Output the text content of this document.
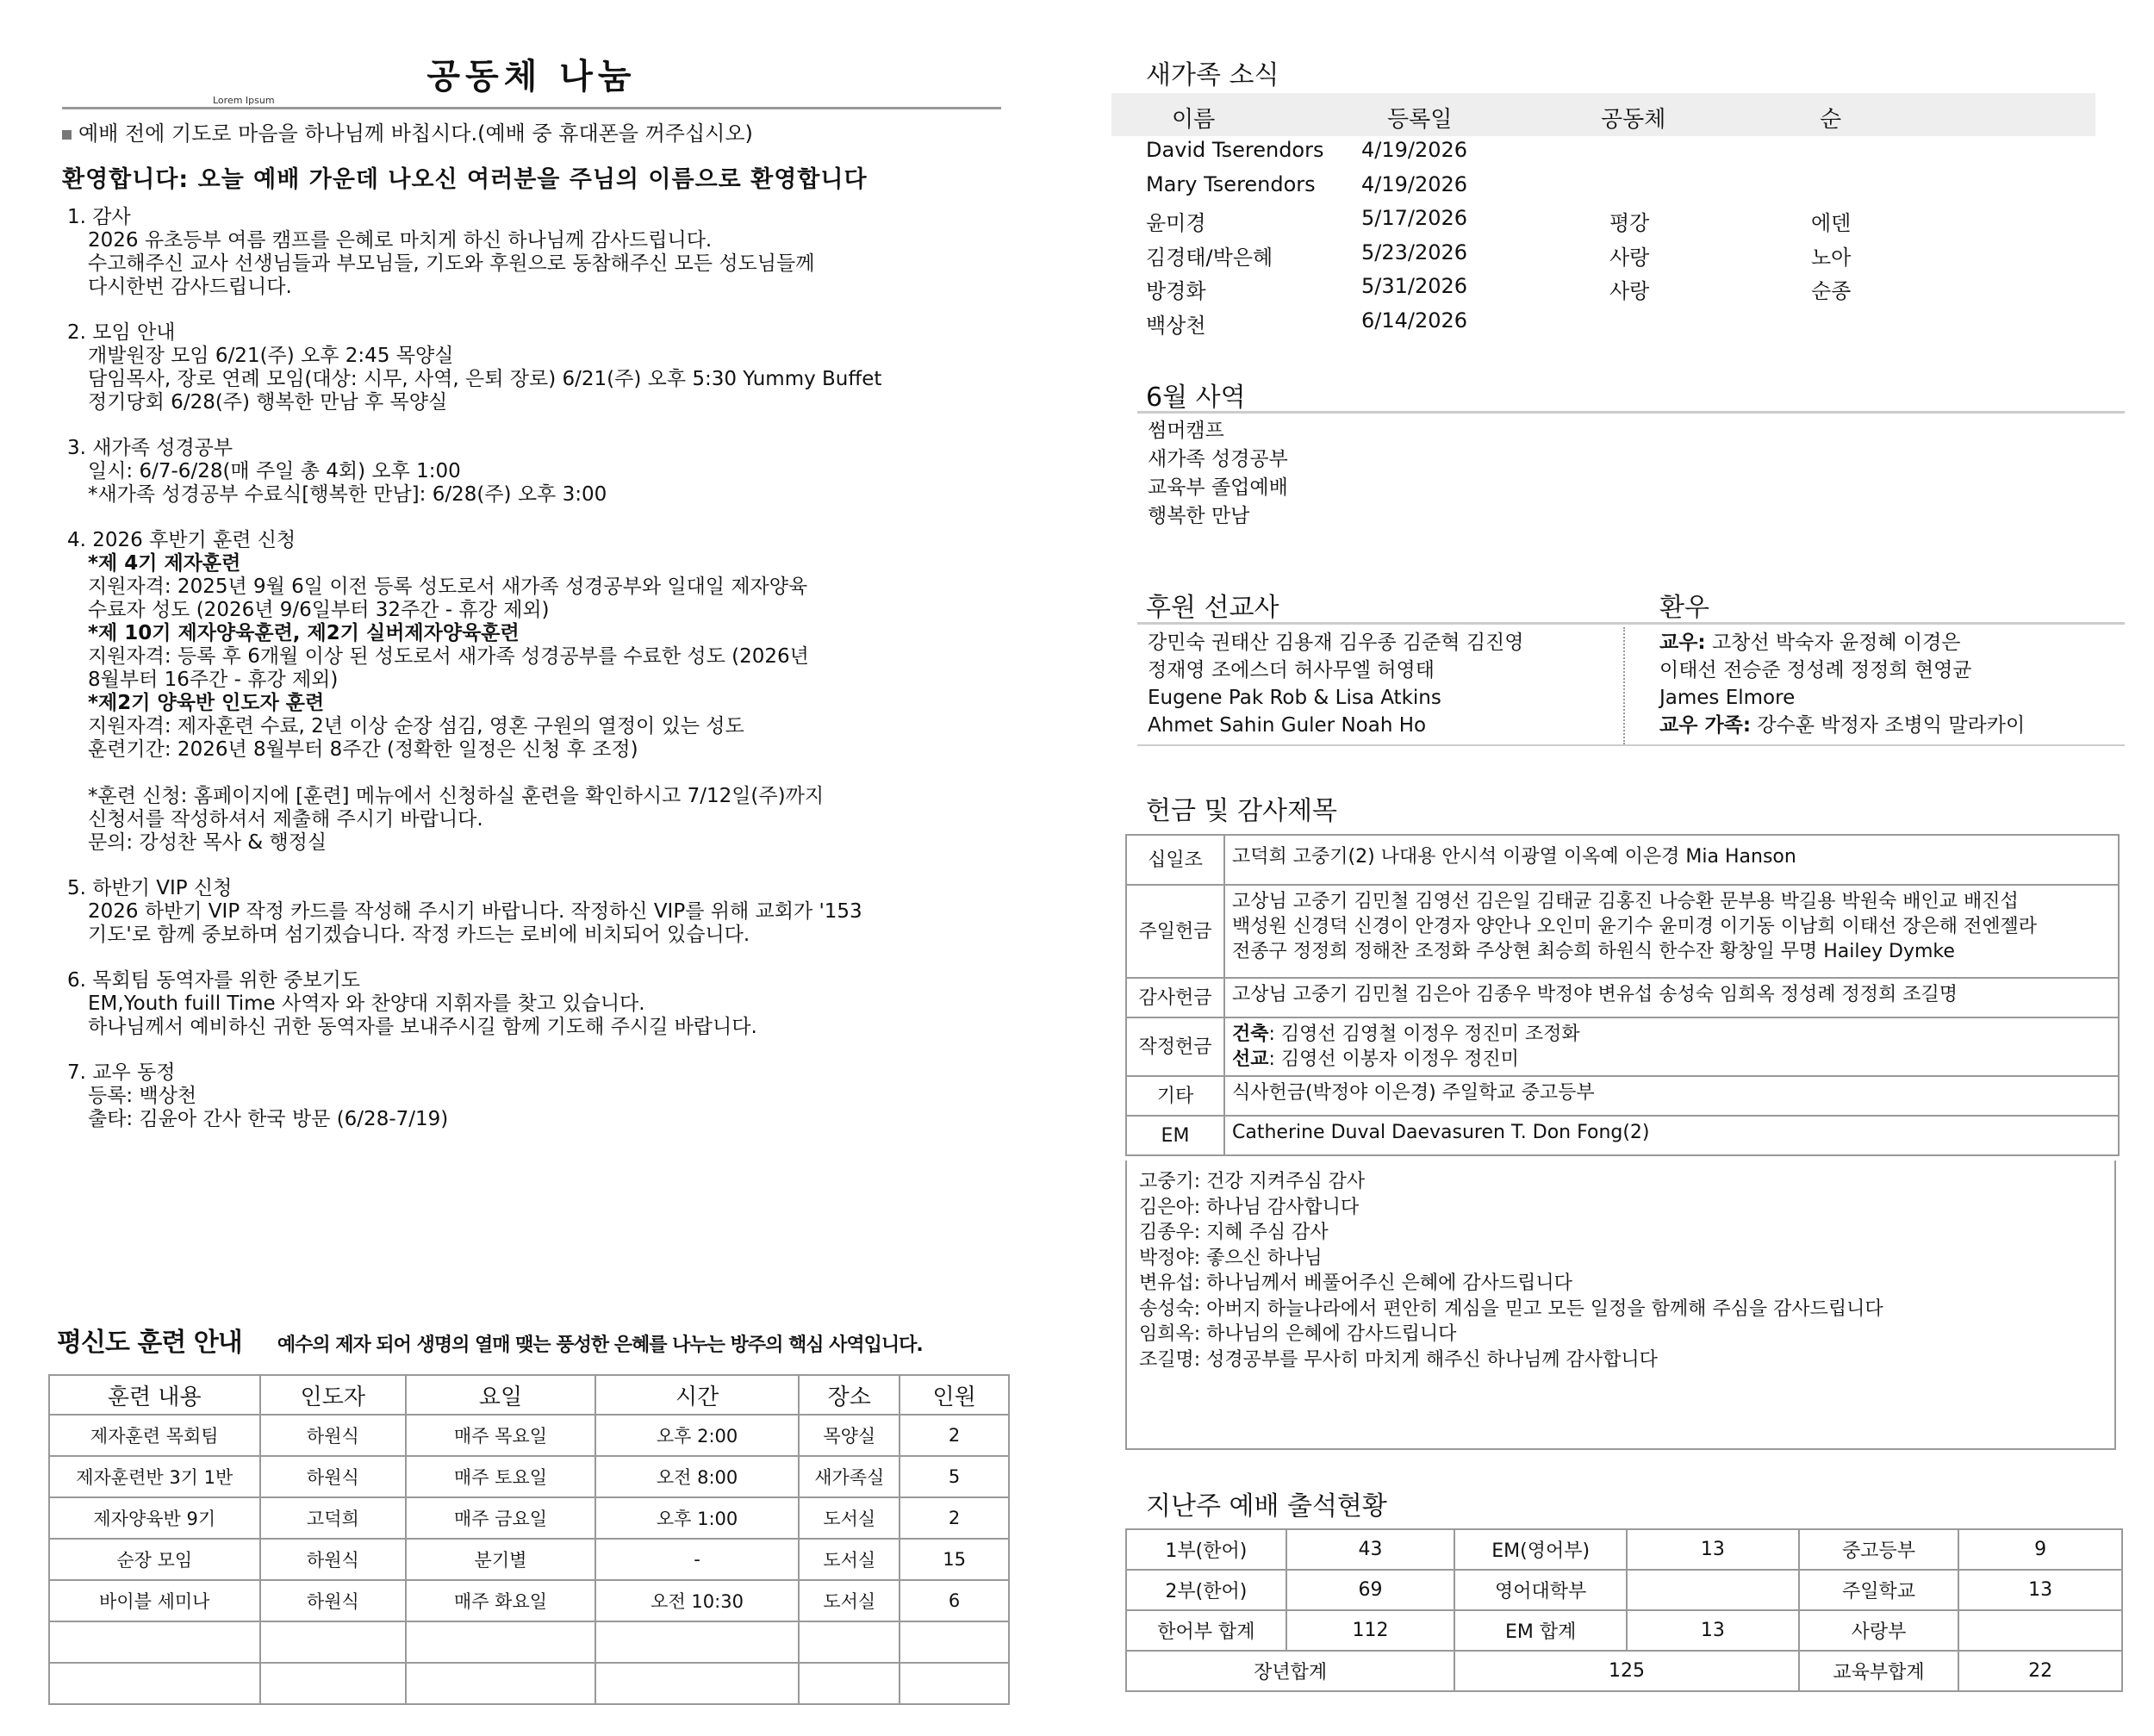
공동체 나눔
Lorem Ipsum
예배 전에 기도로 마음을 하나님께 바칩시다.(예배 중 휴대폰을 꺼주십시오)
환영합니다: 오늘 예배 가운데 나오신 여러분을 주님의 이름으로 환영합니다
1. 감사
2026 유초등부 여름 캠프를 은혜로 마치게 하신 하나님께 감사드립니다.
수고해주신 교사 선생님들과 부모님들, 기도와 후원으로 동참해주신 모든 성도님들께
다시한번 감사드립니다.
2. 모임 안내
개발원장 모임 6/21(주) 오후 2:45 목양실
담임목사, 장로 연례 모임(대상: 시무, 사역, 은퇴 장로) 6/21(주) 오후 5:30 Yummy Buffet
정기당회 6/28(주) 행복한 만남 후 목양실
3. 새가족 성경공부
일시: 6/7-6/28(매 주일 총 4회) 오후 1:00
*새가족 성경공부 수료식[행복한 만남]: 6/28(주) 오후 3:00
4. 2026 후반기 훈련 신청
*제 4기 제자훈련
지원자격: 2025년 9월 6일 이전 등록 성도로서 새가족 성경공부와 일대일 제자양육
수료자 성도 (2026년 9/6일부터 32주간 - 휴강 제외)
*제 10기 제자양육훈련, 제2기 실버제자양육훈련
지원자격: 등록 후 6개월 이상 된 성도로서 새가족 성경공부를 수료한 성도 (2026년
8월부터 16주간 - 휴강 제외)
*제2기 양육반 인도자 훈련
지원자격: 제자훈련 수료, 2년 이상 순장 섬김, 영혼 구원의 열정이 있는 성도
훈련기간: 2026년 8월부터 8주간 (정확한 일정은 신청 후 조정)
*훈련 신청: 홈페이지에 [훈련] 메뉴에서 신청하실 훈련을 확인하시고 7/12일(주)까지
신청서를 작성하셔서 제출해 주시기 바랍니다.
문의: 강성찬 목사 & 행정실
5. 하반기 VIP 신청
2026 하반기 VIP 작정 카드를 작성해 주시기 바랍니다. 작정하신 VIP를 위해 교회가 '153
기도'로 함께 중보하며 섬기겠습니다. 작정 카드는 로비에 비치되어 있습니다.
6. 목회팀 동역자를 위한 중보기도
EM,Youth fuill Time 사역자 와 찬양대 지휘자를 찾고 있습니다.
하나님께서 예비하신 귀한 동역자를 보내주시길 함께 기도해 주시길 바랍니다.
7. 교우 동정
등록: 백상천
출타: 김윤아 간사 한국 방문 (6/28-7/19)
평신도 훈련 안내 예수의 제자 되어 생명의 열매 맺는 풍성한 은혜를 나누는 방주의 핵심 사역입니다.
훈련 내용	인도자	요일	시간	장소	인원
제자훈련 목회팀	하원식	매주 목요일	오후 2:00	목양실	2
제자훈련반 3기 1반	하원식	매주 토요일	오전 8:00	새가족실	5
제자양육반 9기	고덕희	매주 금요일	오후 1:00	도서실	2
순장 모임	하원식	분기별	-	도서실	15
바이블 세미나	하원식	매주 화요일	오전 10:30	도서실	6

새가족 소식
이름	등록일	공동체	순
David Tserendors 4/19/2026
Mary Tserendors 4/19/2026
윤미경	5/17/2026	평강	에덴
김경태/박은혜	5/23/2026	사랑	노아
방경화	5/31/2026	사랑	순종
백상천	6/14/2026
6월 사역
썸머캠프
새가족 성경공부
교육부 졸업예배
행복한 만남
후원 선교사	환우
강민숙 권태산 김용재 김우종 김준혁 김진영
정재영 조에스더 허사무엘 허영태
Eugene Pak Rob & Lisa Atkins
Ahmet Sahin Guler Noah Ho
교우: 고창선 박숙자 윤정혜 이경은
이태선 전승준 정성례 정정희 현영균
James Elmore
교우 가족: 강수훈 박정자 조병익 말라카이
헌금 및 감사제목
십일조	고덕희 고중기(2) 나대용 안시석 이광열 이옥예 이은경 Mia Hanson

주일헌금	고상님 고중기 김민철 김영선 김은일 김태균 김홍진 나승환 문부용 박길용 박원숙 배인교 배진섭
백성원 신경덕 신경이 안경자 양안나 오인미 윤기수 윤미경 이기동 이남희 이태선 장은해 전엔젤라
전종구 정정희 정해찬 조정화 주상현 최승희 하원식 한수잔 황창일 무명 Hailey Dymke

감사헌금	고상님 고중기 김민철 김은아 김종우 박정야 변유섭 송성숙 임희옥 정성례 정정희 조길명

작정헌금	건축: 김영선 김영철 이정우 정진미 조정화
선교: 김영선 이봉자 이정우 정진미

기타	식사헌금(박정야 이은경) 주일학교 중고등부

EM	Catherine Duval Daevasuren T. Don Fong(2)
고중기: 건강 지켜주심 감사
김은아: 하나님 감사합니다
김종우: 지혜 주심 감사
박정야: 좋으신 하나님
변유섭: 하나님께서 베풀어주신 은혜에 감사드립니다
송성숙: 아버지 하늘나라에서 편안히 계심을 믿고 모든 일정을 함께해 주심을 감사드립니다
임희옥: 하나님의 은혜에 감사드립니다
조길명: 성경공부를 무사히 마치게 해주신 하나님께 감사합니다
지난주 예배 출석현황
1부(한어)	43	EM(영어부)	13	중고등부	9
2부(한어)	69	영어대학부		주일학교	13
한어부 합계	112	EM 합계	13	사랑부	
장년합계		125		교육부합계	22
